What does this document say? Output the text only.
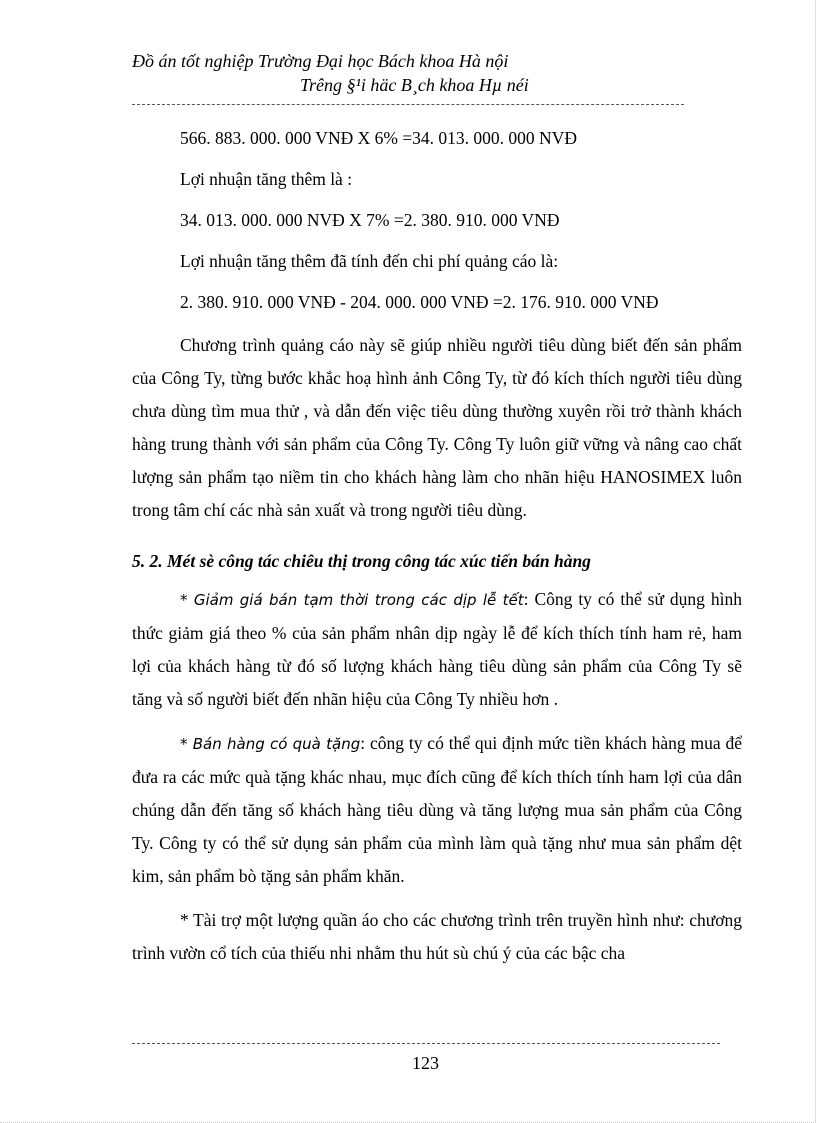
Đồ án tốt nghiệp Trường Đại học Bách khoa Hà nội
Trêng §¹i häc B¸ch khoa Hµ néi

566. 883. 000. 000 VNĐ X 6% =34. 013. 000. 000 NVĐ

Lợi nhuận tăng thêm là :

34. 013. 000. 000 NVĐ X 7% =2. 380. 910. 000 VNĐ

Lợi nhuận tăng thêm đã tính đến chi phí quảng cáo là:

2. 380. 910. 000 VNĐ - 204. 000. 000 VNĐ =2. 176. 910. 000 VNĐ

Chương trình quảng cáo này sẽ giúp nhiều người tiêu dùng biết đến sản phẩm của Công Ty, từng bước khắc hoạ hình ảnh Công Ty, từ đó kích thích người tiêu dùng chưa dùng tìm mua thử , và dẫn đến việc tiêu dùng thường xuyên rồi trở thành khách hàng trung thành với sản phẩm của Công Ty. Công Ty luôn giữ vững và nâng cao chất lượng sản phẩm tạo niềm tin cho khách hàng làm cho nhãn hiệu HANOSIMEX luôn trong tâm chí các nhà sản xuất và trong người tiêu dùng.

5. 2. Mét sè công tác chiêu thị trong công tác xúc tiến bán hàng

* Giảm giá bán tạm thời trong các dịp lễ tết: Công ty có thể sử dụng hình thức giảm giá theo % của sản phẩm nhân dịp ngày lễ để kích thích tính ham rẻ, ham lợi của khách hàng từ đó số lượng khách hàng tiêu dùng sản phẩm của Công Ty sẽ tăng và số người biết đến nhãn hiệu của Công Ty nhiều hơn .

* Bán hàng có quà tặng: công ty có thể qui định mức tiền khách hàng mua để đưa ra các mức quà tặng khác nhau, mục đích cũng để kích thích tính ham lợi của dân chúng dẫn đến tăng số khách hàng tiêu dùng và tăng lượng mua sản phẩm của Công Ty. Công ty có thể sử dụng sản phẩm của mình làm quà tặng như mua sản phẩm dệt kim, sản phẩm bò tặng sản phẩm khăn.

* Tài trợ một lượng quần áo cho các chương trình trên truyền hình như: chương trình vườn cổ tích của thiếu nhi nhằm thu hút sù chú ý của các bậc cha

123
